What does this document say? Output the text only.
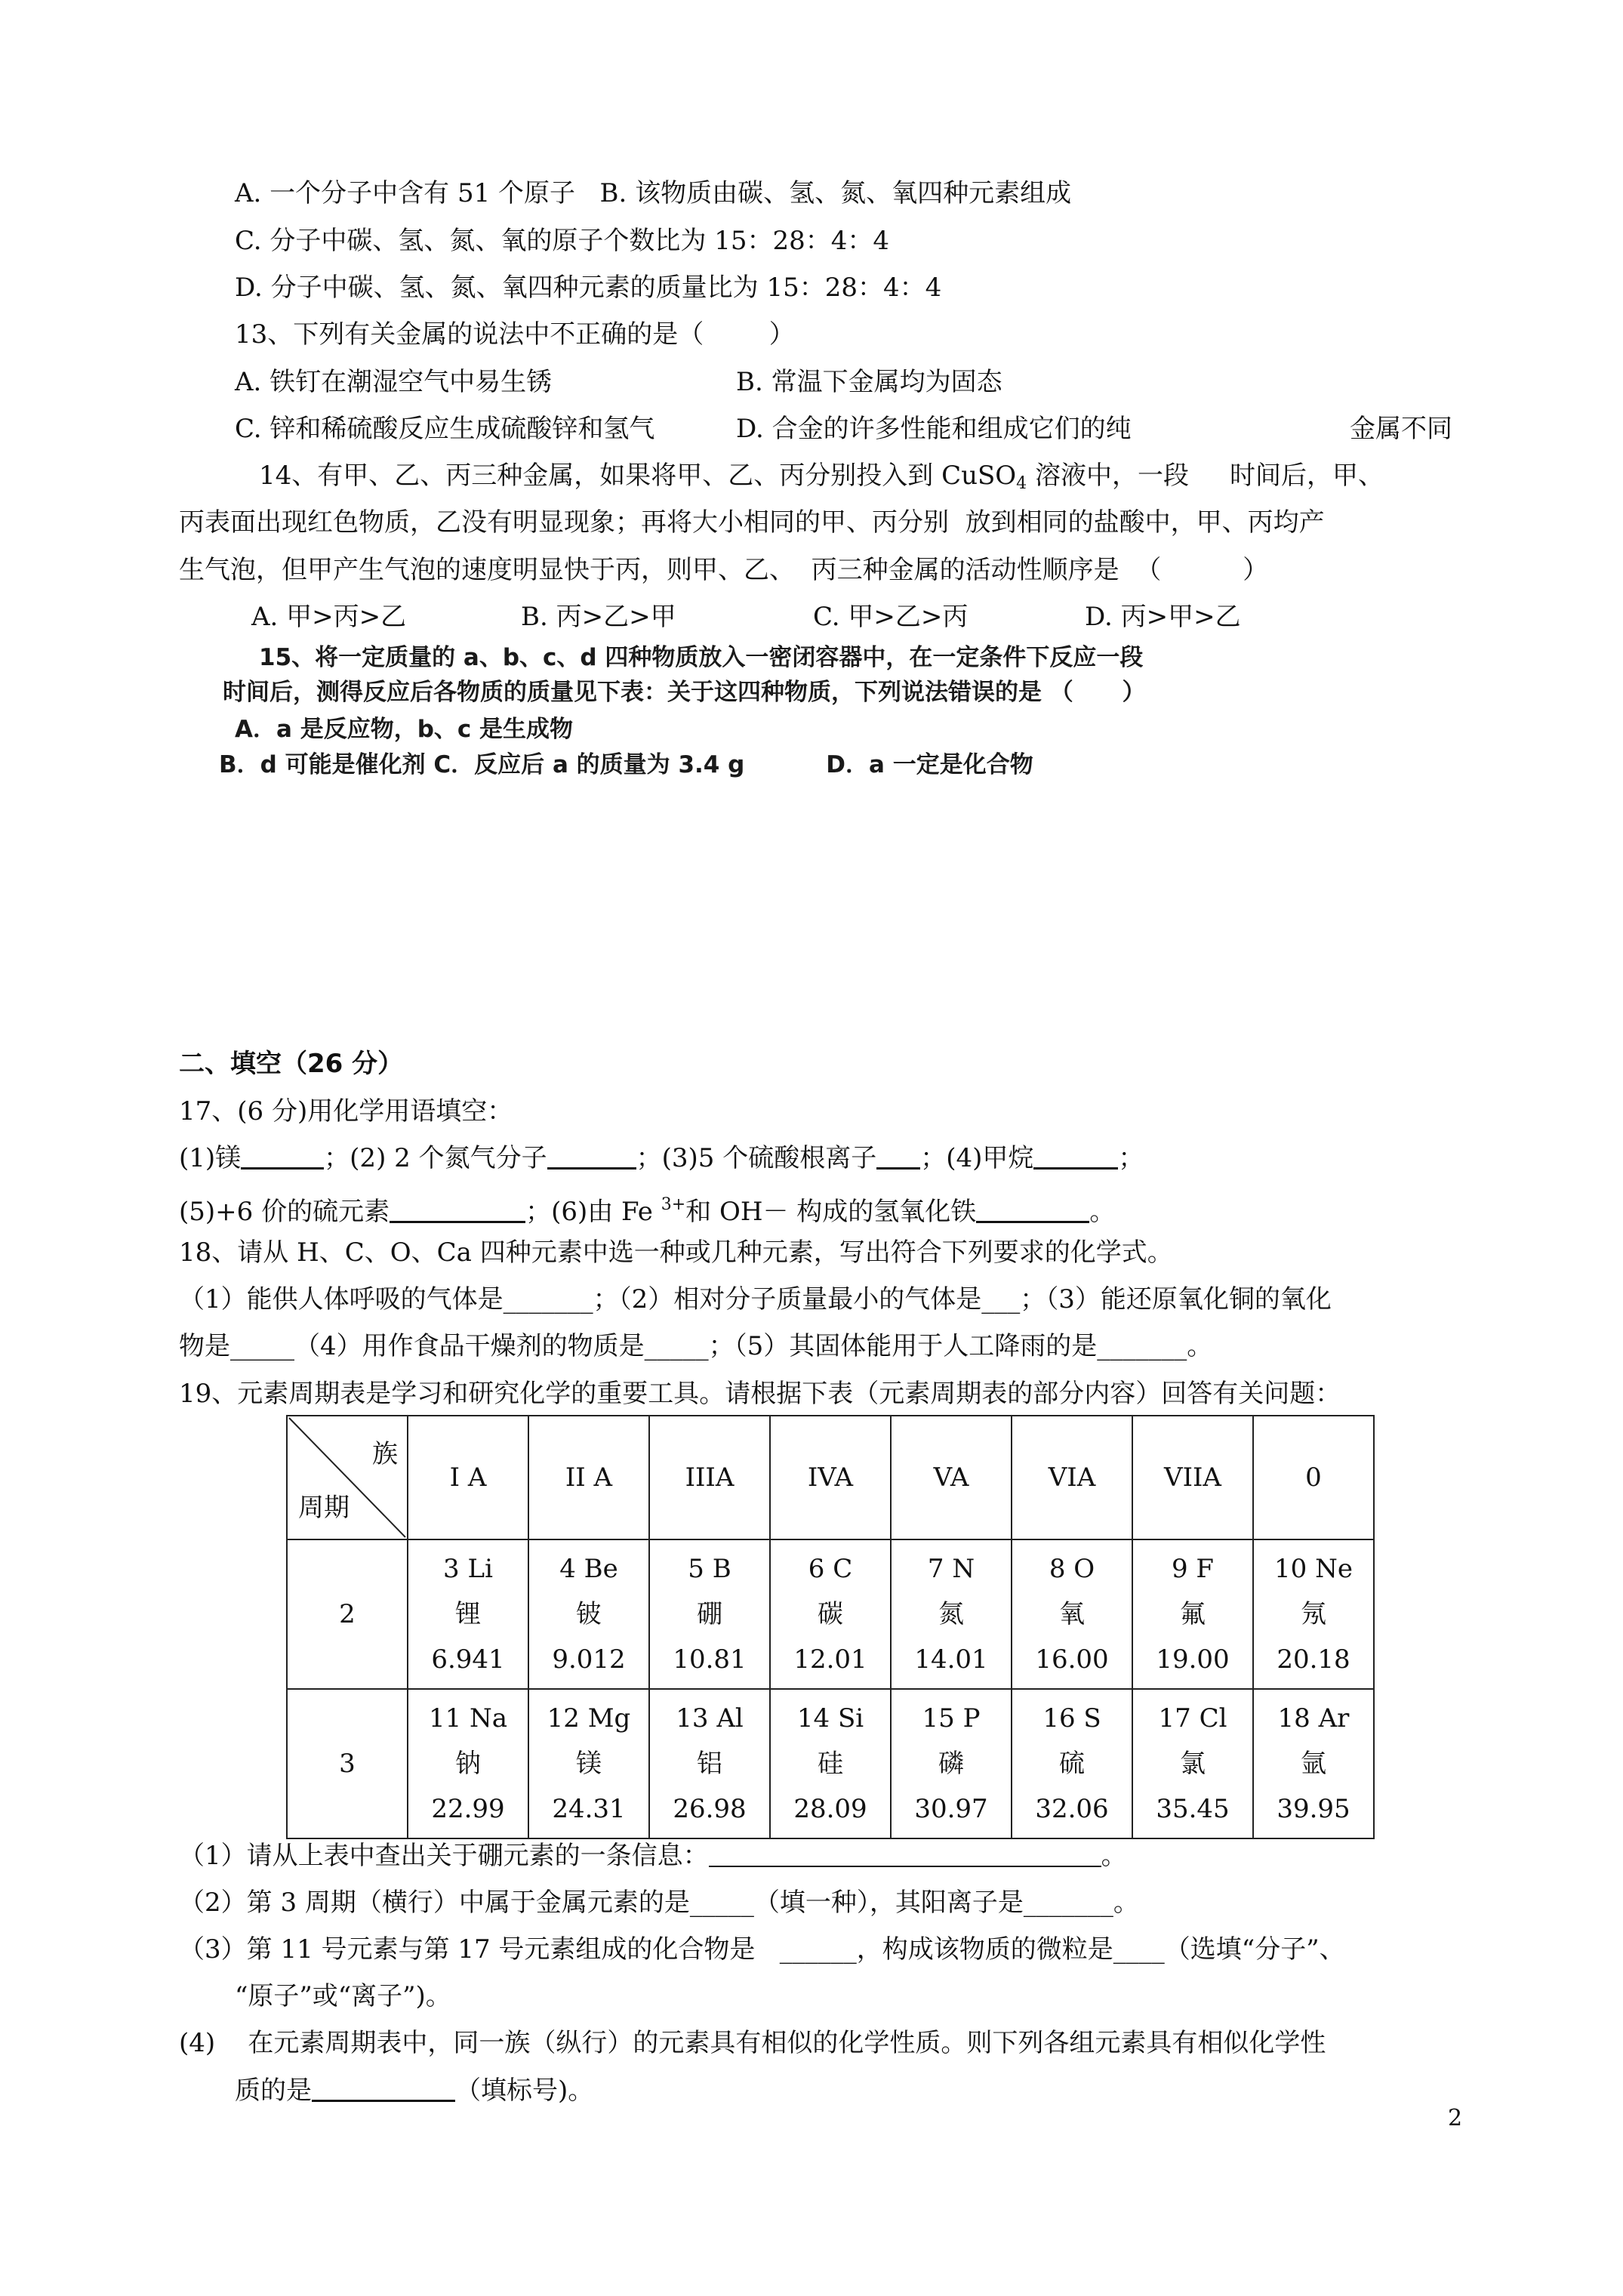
A. 一个分子中含有 51 个原子   B. 该物质由碳、氢、氮、氧四种元素组成
C. 分子中碳、氢、氮、氧的原子个数比为 15：28：4：4
D. 分子中碳、氢、氮、氧四种元素的质量比为 15：28：4：4
13、下列有关金属的说法中不正确的是（        ）
A. 铁钉在潮湿空气中易生锈	B. 常温下金属均为固态
C. 锌和稀硫酸反应生成硫酸锌和氢气	D. 合金的许多性能和组成它们的纯	金属不同
14、有甲、乙、丙三种金属，如果将甲、乙、丙分别投入到 CuSO$_4$ 溶液中，一段     时间后，甲、
丙表面出现红色物质，乙没有明显现象；再将大小相同的甲、丙分别  放到相同的盐酸中，甲、丙均产
生气泡，但甲产生气泡的速度明显快于丙，则甲、乙、  丙三种金属的活动性顺序是  （          ）
A. 甲>丙>乙	B. 丙>乙>甲	C. 甲>乙>丙	D. 丙>甲>乙
15、将一定质量的 a、b、c、d 四种物质放入一密闭容器中，在一定条件下反应一段
时间后，测得反应后各物质的质量见下表：关于这四种物质，下列说法错误的是 （      ）
A．a 是反应物，b、c 是生成物
B．d 可能是催化剂 C．反应后 a 的质量为 3.4 g          D．a 一定是化合物
二、填空（26 分）
17、(6 分)用化学用语填空：
(1)镁	；(2) 2 个氮气分子	；(3)5 个硫酸根离子 ；(4)甲烷	；
(5)+6 价的硫元素	；(6)由 Fe $^{3+}$和 OH－ 构成的氢氧化铁	。
18、请从 H、C、O、Ca 四种元素中选一种或几种元素，写出符合下列要求的化学式。
（1）能供人体呼吸的气体是_______；（2）相对分子质量最小的气体是___；（3）能还原氧化铜的氧化
物是_____（4）用作食品干燥剂的物质是_____；（5）其固体能用于人工降雨的是_______。
19、元素周期表是学习和研究化学的重要工具。请根据下表（元素周期表的部分内容）回答有关问题：
族
周期	I A	II A	IIIA	IVA	VA	VIA	VIIA	0
2	3 Li
锂
6.941	4 Be
铍
9.012	5 B
硼
10.81	6 C
碳
12.01	7 N
氮
14.01	8 O
氧
16.00	9 F
氟
19.00	10 Ne
氖
20.18

3	11 Na
钠
22.99	12 Mg
镁
24.31	13 Al
铝
26.98	14 Si
硅
28.09	15 P
磷
30.97	16 S
硫
32.06	17 Cl
氯
35.45	18 Ar
氩
39.95
（1）请从上表中查出关于硼元素的一条信息：	。
（2）第 3 周期（横行）中属于金属元素的是_____（填一种），其阳离子是_______。
（3）第 11 号元素与第 17 号元素组成的化合物是   ______，构成该物质的微粒是____（选填“分子”、
“原子”或“离子”)。
(4)    在元素周期表中，同一族（纵行）的元素具有相似的化学性质。则下列各组元素具有相似化学性
质的是	（填标号)。
2
